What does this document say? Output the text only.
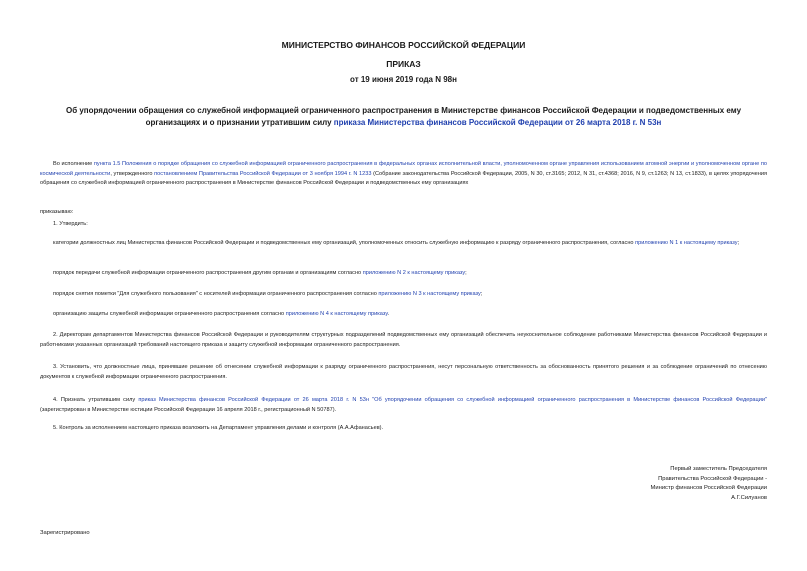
МИНИСТЕРСТВО ФИНАНСОВ РОССИЙСКОЙ ФЕДЕРАЦИИ
ПРИКАЗ
от 19 июня 2019 года N 98н
Об упорядочении обращения со служебной информацией ограниченного распространения в Министерстве финансов Российской Федерации и подведомственных ему организациях и о признании утратившим силу приказа Министерства финансов Российской Федерации от 26 марта 2018 г. N 53н
Во исполнение пункта 1.5 Положения о порядке обращения со служебной информацией ограниченного распространения в федеральных органах исполнительной власти, уполномоченном органе управления использованием атомной энергии и уполномоченном органе по космической деятельности, утвержденного постановлением Правительства Российской Федерации от 3 ноября 1994 г. N 1233 (Собрание законодательства Российской Федерации, 2005, N 30, ст.3165; 2012, N 31, ст.4368; 2016, N 9, ст.1263; N 13, ст.1833), в целях упорядочения обращения со служебной информацией ограниченного распространения в Министерстве финансов Российской Федерации и подведомственных ему организациях
приказываю:
1. Утвердить:
категории должностных лиц Министерства финансов Российской Федерации и подведомственных ему организаций, уполномоченных относить служебную информацию к разряду ограниченного распространения, согласно приложению N 1 к настоящему приказу;
порядок передачи служебной информации ограниченного распространения другим органам и организациям согласно приложению N 2 к настоящему приказу;
порядок снятия пометки "Для служебного пользования" с носителей информации ограниченного распространения согласно приложению N 3 к настоящему приказу;
организацию защиты служебной информации ограниченного распространения согласно приложению N 4 к настоящему приказу.
2. Директорам департаментов Министерства финансов Российской Федерации и руководителям структурных подразделений подведомственных ему организаций обеспечить неукоснительное соблюдение работниками Министерства финансов Российской Федерации и работниками указанных организаций требований настоящего приказа и защиту служебной информации ограниченного распространения.
3. Установить, что должностные лица, принявшие решение об отнесении служебной информации к разряду ограниченного распространения, несут персональную ответственность за обоснованность принятого решения и за соблюдение ограничений по отнесению документов к служебной информации ограниченного распространения.
4. Признать утратившим силу приказ Министерства финансов Российской Федерации от 26 марта 2018 г. N 53н "Об упорядочении обращения со служебной информацией ограниченного распространения в Министерстве финансов Российской Федерации" (зарегистрирован в Министерстве юстиции Российской Федерации 16 апреля 2018 г., регистрационный N 50787).
5. Контроль за исполнением настоящего приказа возложить на Департамент управления делами и контроля (А.А.Афанасьев).
Первый заместитель Председателя
Правительства Российской Федерации -
Министр финансов Российской Федерации
А.Г.Силуанов
Зарегистрировано
